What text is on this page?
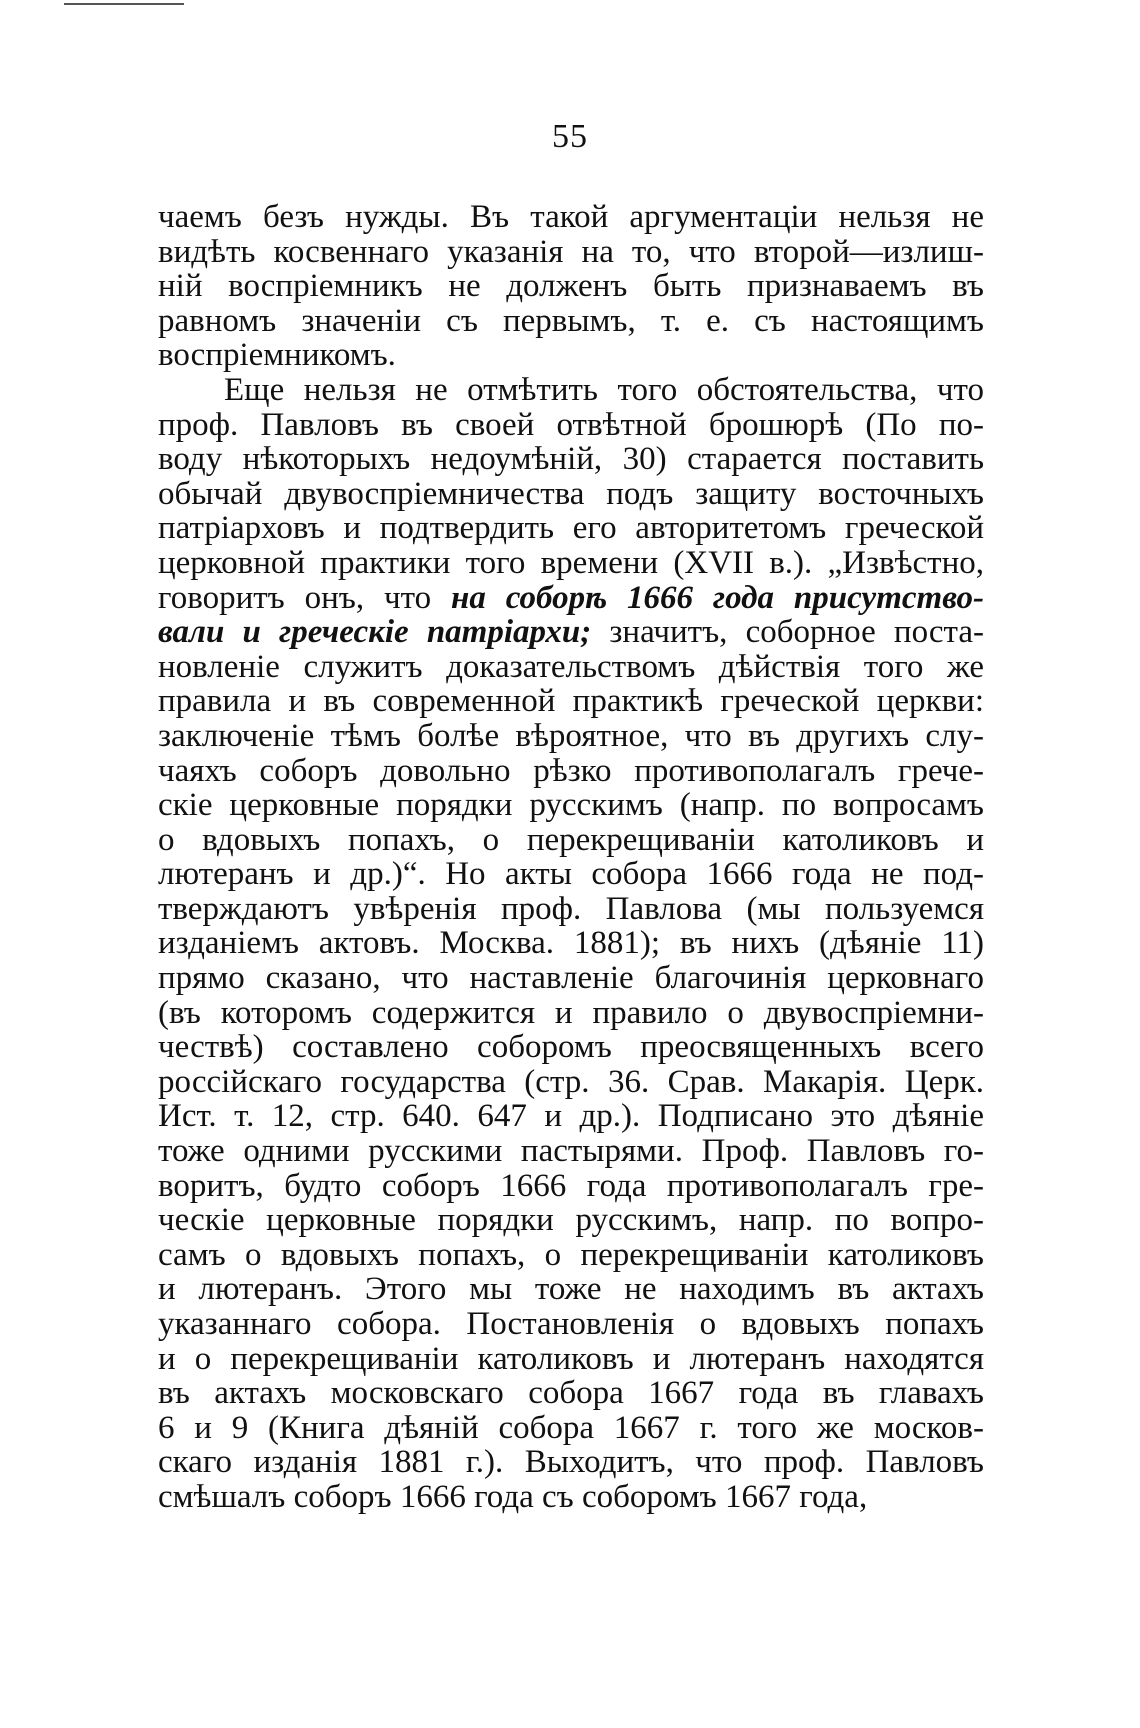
55
чаемъ безъ нужды. Въ такой аргументаціи нельзя не
видѣть косвеннаго указанія на то, что второй—излиш-
ній воспріемникъ не долженъ быть признаваемъ въ
равномъ значеніи съ первымъ, т. е. съ настоящимъ
воспріемникомъ.
Еще нельзя не отмѣтить того обстоятельства, что
проф. Павловъ въ своей отвѣтной брошюрѣ (По по-
воду нѣкоторыхъ недоумѣній, 30) старается поставить
обычай двувоспріемничества подъ защиту восточныхъ
патріарховъ и подтвердить его авторитетомъ греческой
церковной практики того времени (XVII в.). „Извѣстно,
говоритъ онъ, что на соборѣ 1666 года присутство-
вали и греческіе патріархи; значитъ, соборное поста-
новленіе служитъ доказательствомъ дѣйствія того же
правила и въ современной практикѣ греческой церкви:
заключеніе тѣмъ болѣе вѣроятное, что въ другихъ слу-
чаяхъ соборъ довольно рѣзко противополагалъ грече-
скіе церковные порядки русскимъ (напр. по вопросамъ
о вдовыхъ попахъ, о перекрещиваніи католиковъ и
лютеранъ и др.)“. Но акты собора 1666 года не под-
тверждаютъ увѣренія проф. Павлова (мы пользуемся
изданіемъ актовъ. Москва. 1881); въ нихъ (дѣяніе 11)
прямо сказано, что наставленіе благочинія церковнаго
(въ которомъ содержится и правило о двувоспріемни-
чествѣ) составлено соборомъ преосвященныхъ всего
россійскаго государства (стр. 36. Срав. Макарія. Церк.
Ист. т. 12, стр. 640. 647 и др.). Подписано это дѣяніе
тоже одними русскими пастырями. Проф. Павловъ го-
воритъ, будто соборъ 1666 года противополагалъ гре-
ческіе церковные порядки русскимъ, напр. по вопро-
самъ о вдовыхъ попахъ, о перекрещиваніи католиковъ
и лютеранъ. Этого мы тоже не находимъ въ актахъ
указаннаго собора. Постановленія о вдовыхъ попахъ
и о перекрещиваніи католиковъ и лютеранъ находятся
въ актахъ московскаго собора 1667 года въ главахъ
6 и 9 (Книга дѣяній собора 1667 г. того же москов-
скаго изданія 1881 г.). Выходитъ, что проф. Павловъ
смѣшалъ соборъ 1666 года съ соборомъ 1667 года,
